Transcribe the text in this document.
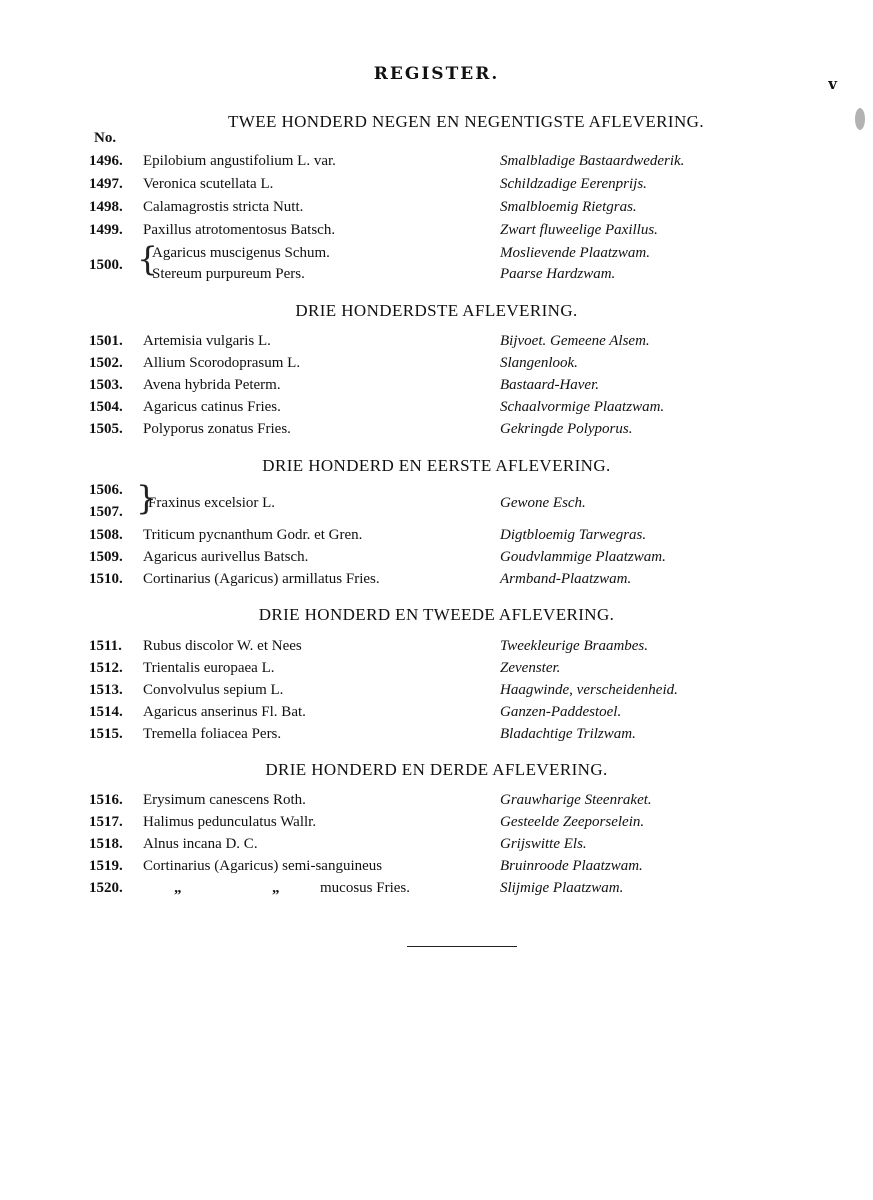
REGISTER.	v
TWEE HONDERD NEGEN EN NEGENTIGSTE AFLEVERING.
No.
1496. Epilobium angustifolium L. var.	Smalbladige Bastaardwederik.
1497. Veronica scutellata L.	Schildzadige Eerenprijs.
1498. Calamagrostis stricta Nutt.	Smalbloemig Rietgras.
1499. Paxillus atrotomentosus Batsch.	Zwart fluweelige Paxillus.
1500. {
Agaricus muscigenus Schum.	Moslievende Plaatzwam.
Stereum purpureum Pers.	Paarse Hardzwam.
DRIE HONDERDSTE AFLEVERING.
1501. Artemisia vulgaris L.	Bijvoet. Gemeene Alsem.
1502. Allium Scorodoprasum L.	Slangenlook.
1503. Avena hybrida Peterm.	Bastaard-Haver.
1504. Agaricus catinus Fries.	Schaalvormige Plaatzwam.
1505. Polyporus zonatus Fries.	Gekringde Polyporus.
DRIE HONDERD EN EERSTE AFLEVERING.
1506. {
1507.
Fraxinus excelsior L.	Gewone Esch.
1508. Triticum pycnanthum Godr. et Gren.	Digtbloemig Tarwegras.
1509. Agaricus aurivellus Batsch.	Goudvlammige Plaatzwam.
1510. Cortinarius (Agaricus) armillatus Fries.	Armband-Plaatzwam.
DRIE HONDERD EN TWEEDE AFLEVERING.
1511. Rubus discolor W. et Nees	Tweekleurige Braambes.
1512. Trientalis europaea L.	Zevenster.
1513. Convolvulus sepium L.	Haagwinde, verscheidenheid.
1514. Agaricus anserinus Fl. Bat.	Ganzen-Paddestoel.
1515. Tremella foliacea Pers.	Bladachtige Trilzwam.
DRIE HONDERD EN DERDE AFLEVERING.
1516. Erysimum canescens Roth.	Grauwharige Steenraket.
1517. Halimus pedunculatus Wallr.	Gesteelde Zeeporselein.
1518. Alnus incana D. C.	Grijswitte Els.
1519. Cortinarius (Agaricus) semi-sanguineus	Bruinroode Plaatzwam.
1520.	„	„	mucosus Fries.	Slijmige Plaatzwam.
